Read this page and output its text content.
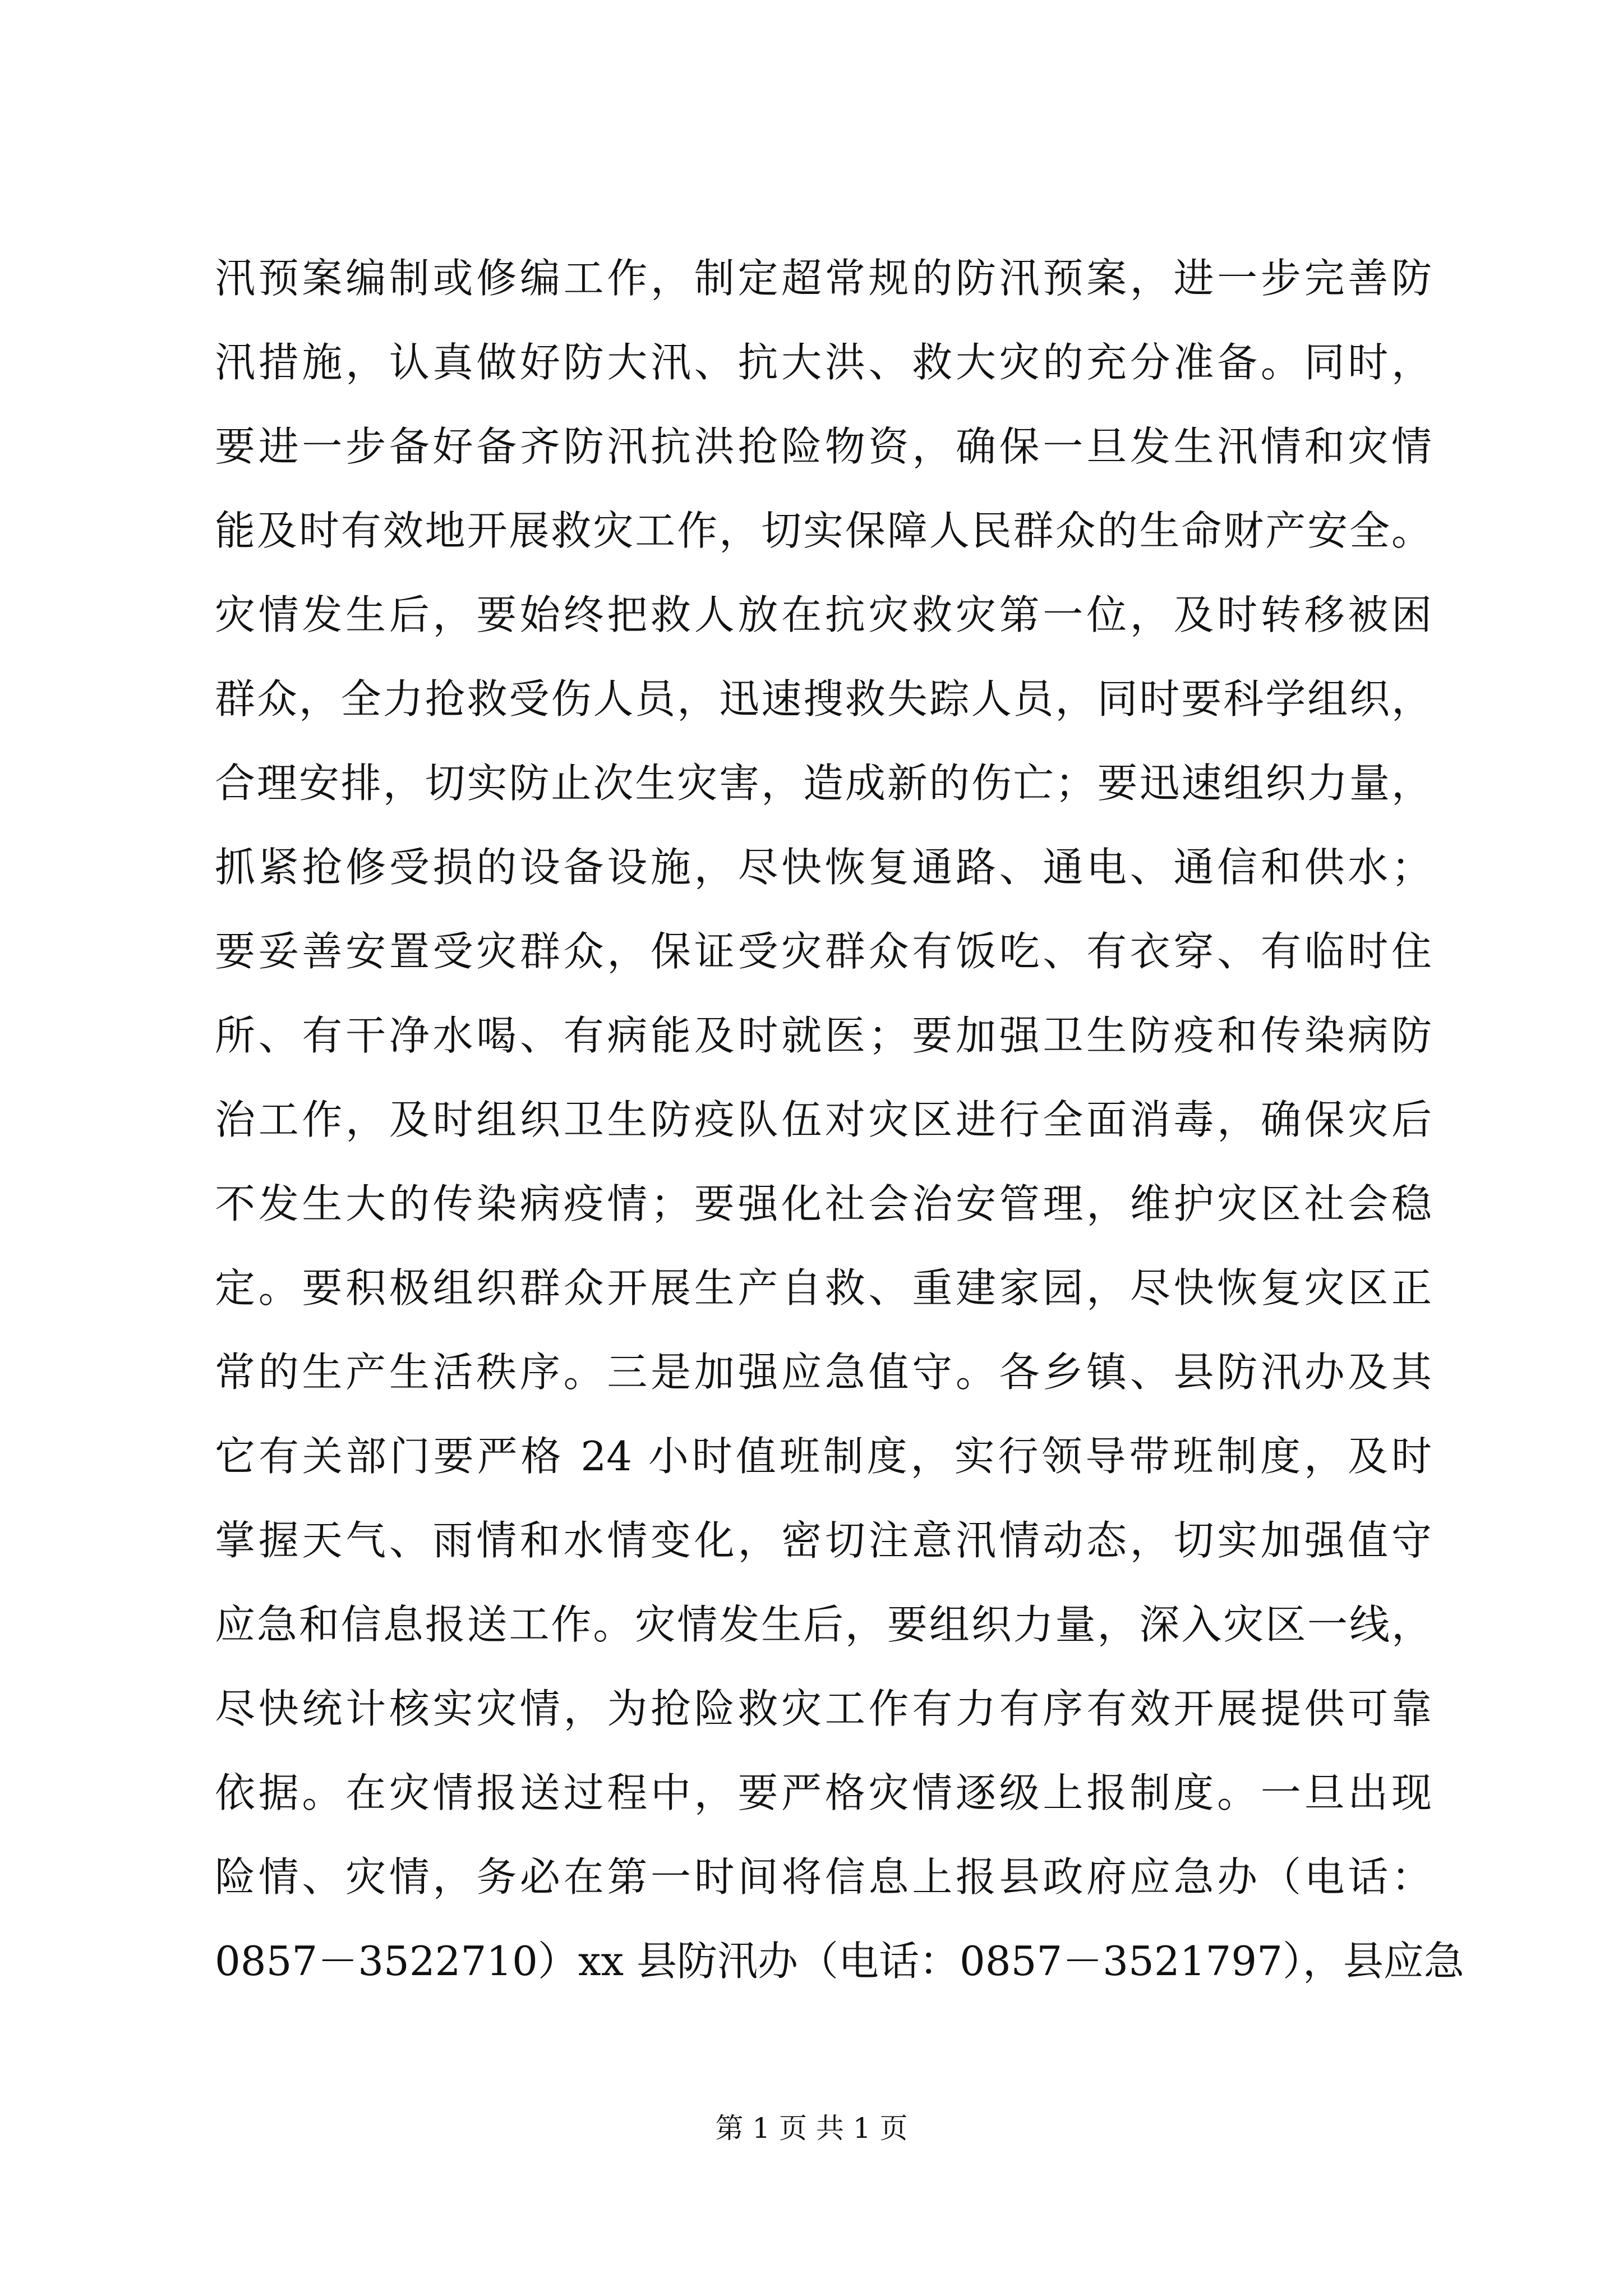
汛预案编制或修编工作，制定超常规的防汛预案，进一步完善防
汛措施，认真做好防大汛、抗大洪、救大灾的充分准备。同时，
要进一步备好备齐防汛抗洪抢险物资，确保一旦发生汛情和灾情
能及时有效地开展救灾工作，切实保障人民群众的生命财产安全。
灾情发生后，要始终把救人放在抗灾救灾第一位，及时转移被困
群众，全力抢救受伤人员，迅速搜救失踪人员，同时要科学组织，
合理安排，切实防止次生灾害，造成新的伤亡；要迅速组织力量，
抓紧抢修受损的设备设施，尽快恢复通路、通电、通信和供水；
要妥善安置受灾群众，保证受灾群众有饭吃、有衣穿、有临时住
所、有干净水喝、有病能及时就医；要加强卫生防疫和传染病防
治工作，及时组织卫生防疫队伍对灾区进行全面消毒，确保灾后
不发生大的传染病疫情；要强化社会治安管理，维护灾区社会稳
定。要积极组织群众开展生产自救、重建家园，尽快恢复灾区正
常的生产生活秩序。三是加强应急值守。各乡镇、县防汛办及其
它有关部门要严格 24 小时值班制度，实行领导带班制度，及时
掌握天气、雨情和水情变化，密切注意汛情动态，切实加强值守
应急和信息报送工作。灾情发生后，要组织力量，深入灾区一线，
尽快统计核实灾情，为抢险救灾工作有力有序有效开展提供可靠
依据。在灾情报送过程中，要严格灾情逐级上报制度。一旦出现
险情、灾情，务必在第一时间将信息上报县政府应急办（电话：
0857－3522710）xx 县防汛办（电话：0857－3521797），县应急
第 1 页 共 1 页
